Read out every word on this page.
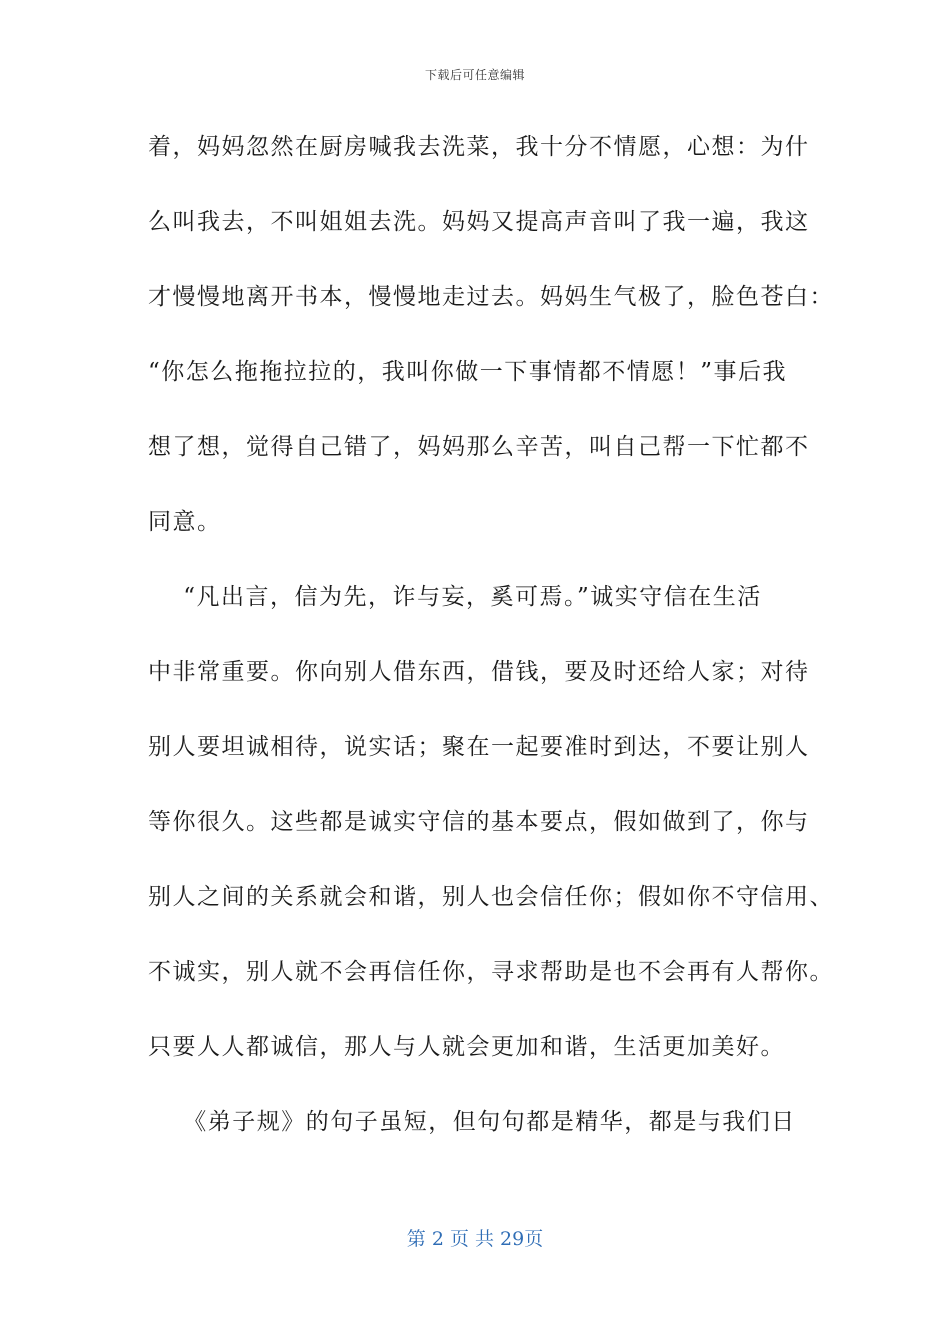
下载后可任意编辑
着，妈妈忽然在厨房喊我去洗菜，我十分不情愿，心想：为什
么叫我去，不叫姐姐去洗。妈妈又提高声音叫了我一遍，我这
才慢慢地离开书本，慢慢地走过去。妈妈生气极了，脸色苍白：
“你怎么拖拖拉拉的，我叫你做一下事情都不情愿！”事后我
想了想，觉得自己错了，妈妈那么辛苦，叫自己帮一下忙都不
同意。
“凡出言，信为先，诈与妄，奚可焉。”诚实守信在生活
中非常重要。你向别人借东西，借钱，要及时还给人家；对待
别人要坦诚相待，说实话；聚在一起要准时到达，不要让别人
等你很久。这些都是诚实守信的基本要点，假如做到了，你与
别人之间的关系就会和谐，别人也会信任你；假如你不守信用、
不诚实，别人就不会再信任你，寻求帮助是也不会再有人帮你。
只要人人都诚信，那人与人就会更加和谐，生活更加美好。
《弟子规》的句子虽短，但句句都是精华，都是与我们日
第 2 页 共 29页
